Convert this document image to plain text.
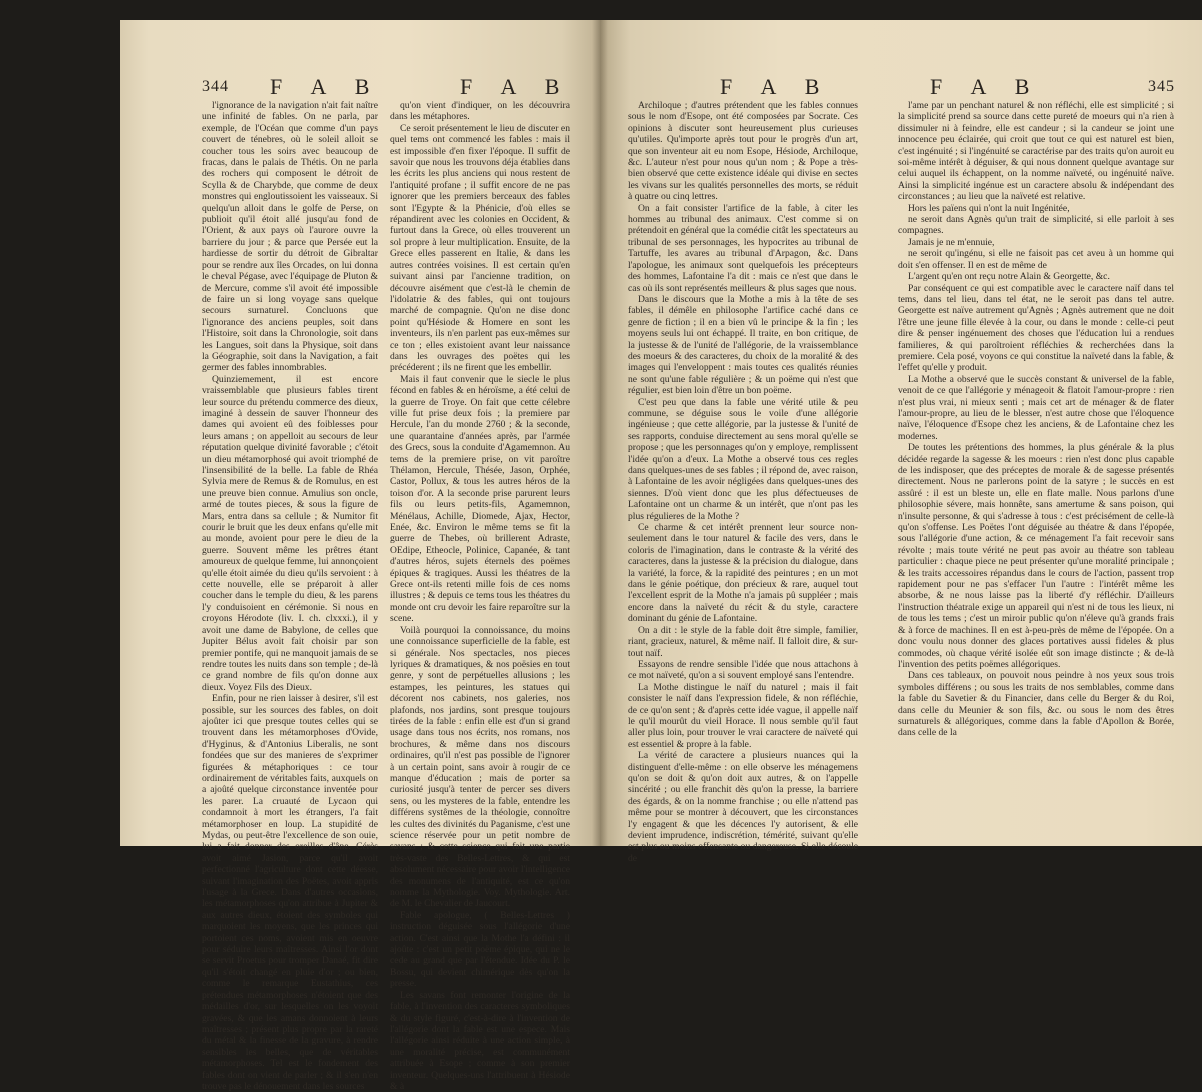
344 F A B	F A B

l'ignorance de la navigation n'ait fait naître une infinité de fables. On ne parla, par exemple, de l'Océan que comme d'un pays couvert de ténebres, où le soleil alloit se coucher tous les soirs avec beaucoup de fracas, dans le palais de Thétis. On ne parla des rochers qui composent le détroit de Scylla & de Charybde, que comme de deux monstres qui engloutissoient les vaisseaux. Si quelqu'un alloit dans le golfe de Perse, on publioit qu'il étoit allé jusqu'au fond de l'Orient, & aux pays où l'aurore ouvre la barriere du jour ; & parce que Persée eut la hardiesse de sortir du détroit de Gibraltar pour se rendre aux îles Orcades, on lui donna le cheval Pégase, avec l'équipage de Pluton & de Mercure, comme s'il avoit été impossible de faire un si long voyage sans quelque secours surnaturel. Concluons que l'ignorance des anciens peuples, soit dans l'Histoire, soit dans la Chronologie, soit dans les Langues, soit dans la Physique, soit dans la Géographie, soit dans la Navigation, a fait germer des fables innombrables.

Quinziemement, il est encore vraissemblable que plusieurs fables tirent leur source du prétendu commerce des dieux, imaginé à dessein de sauver l'honneur des dames qui avoient eû des foiblesses pour leurs amans ; on appelloit au secours de leur réputation quelque divinité favorable ; c'étoit un dieu métamorphosé qui avoit triomphé de l'insensibilité de la belle. La fable de Rhéa Sylvia mere de Remus & de Romulus, en est une preuve bien connue. Amulius son oncle, armé de toutes pieces, & sous la figure de Mars, entra dans sa cellule ; & Numitor fit courir le bruit que les deux enfans qu'elle mit au monde, avoient pour pere le dieu de la guerre. Souvent même les prêtres étant amoureux de quelque femme, lui annonçoient qu'elle étoit aimée du dieu qu'ils servoient : à cette nouvelle, elle se préparoit à aller coucher dans le temple du dieu, & les parens l'y conduisoient en cérémonie. Si nous en croyons Hérodote (liv. I. ch. clxxxi.), il y avoit une dame de Babylone, de celles que Jupiter Bélus avoit fait choisir par son premier pontife, qui ne manquoit jamais de se rendre toutes les nuits dans son temple ; de-là ce grand nombre de fils qu'on donne aux dieux. Voyez Fils des Dieux.

Enfin, pour ne rien laisser à desirer, s'il est possible, sur les sources des fables, on doit ajoûter ici que presque toutes celles qui se trouvent dans les métamorphoses d'Ovide, d'Hyginus, & d'Antonius Liberalis, ne sont fondées que sur des manieres de s'exprimer figurées & métaphoriques : ce tour ordinairement de véritables faits, auxquels on a ajoûté quelque circonstance inventée pour les parer. La cruauté de Lycaon qui condamnoit à mort les étrangers, l'a fait métamorphoser en loup. La stupidité de Mydas, ou peut-être l'excellence de son ouie, lui a fait donner des oreilles d'âne. Cérès avoit aimé Jasion, parce qu'il avoit perfectionné l'agriculture dont cette déesse, suivant l'imagination des Poëtes, avoit appris l'usage à la Grece. Dans d'autres occasions, les métamorphoses qu'on attribue à Jupiter & aux autres dieux, étoient des symboles qui marquoient les moyens, que les princes qui portoient ces noms, avoient mis en oeuvre pour séduire leurs maîtresses. Ainsi l'or dont se servit Proetus pour tromper Danaé, fit dire qu'il s'étoit changé en pluie d'or ; ou bien, comme le remarque Eustathius, ces prétendues métamorphoses n'étoient que des médailles d'or, sur lesquelles on les voyoit gravées, & que les amans donnoient à leurs maîtresses ; présent plus propre par la rareté du métal & la finesse de la gravure, à rendre sensibles les belles, que de véritables métamorphoses. Tel est le fondement des fables dont on vient de parler ; & il s'en n'en trouve pas le dénouement dans les sources

qu'on vient d'indiquer, on les découvrira dans les métaphores.

Ce seroit présentement le lieu de discuter en quel tems ont commencé les fables : mais il est impossible d'en fixer l'époque. Il suffit de savoir que nous les trouvons déja établies dans les écrits les plus anciens qui nous restent de l'antiquité profane ; il suffit encore de ne pas ignorer que les premiers berceaux des fables sont l'Egypte & la Phénicie, d'où elles se répandirent avec les colonies en Occident, & furtout dans la Grece, où elles trouverent un sol propre à leur multiplication. Ensuite, de la Grece elles passerent en Italie, & dans les autres contrées voisines. Il est certain qu'en suivant ainsi par l'ancienne tradition, on découvre aisément que c'est-là le chemin de l'idolatrie & des fables, qui ont toujours marché de compagnie. Qu'on ne dise donc point qu'Hésiode & Homere en sont les inventeurs, ils n'en parlent pas eux-mêmes sur ce ton ; elles existoient avant leur naissance dans les ouvrages des poëtes qui les précéderent ; ils ne firent que les embellir.

Mais il faut convenir que le siecle le plus fécond en fables & en héroïsme, a été celui de la guerre de Troye. On fait que cette célebre ville fut prise deux fois ; la premiere par Hercule, l'an du monde 2760 ; & la seconde, une quarantaine d'années après, par l'armée des Grecs, sous la conduite d'Agamemnon. Au tems de la premiere prise, on vit paroître Thélamon, Hercule, Thésée, Jason, Orphée, Castor, Pollux, & tous les autres héros de la toison d'or. A la seconde prise parurent leurs fils ou leurs petits-fils, Agamemnon, Ménélaus, Achille, Diomede, Ajax, Hector, Enée, &c. Environ le même tems se fit la guerre de Thebes, où brillerent Adraste, OEdipe, Etheocle, Polinice, Capanée, & tant d'autres héros, sujets éternels des poëmes épiques & tragiques. Aussi les théatres de la Grece ont-ils retenti mille fois de ces noms illustres ; & depuis ce tems tous les théatres du monde ont cru devoir les faire reparoître sur la scene.

Voilà pourquoi la connoissance, du moins une connoissance superficielle de la fable, est si générale. Nos spectacles, nos pieces lyriques & dramatiques, & nos poësies en tout genre, y sont de perpétuelles allusions ; les estampes, les peintures, les statues qui décorent nos cabinets, nos galeries, nos plafonds, nos jardins, sont presque toujours tirées de la fable : enfin elle est d'un si grand usage dans tous nos écrits, nos romans, nos brochures, & même dans nos discours ordinaires, qu'il n'est pas possible de l'ignorer à un certain point, sans avoir à rougir de ce manque d'éducation ; mais de porter sa curiosité jusqu'à tenter de percer ses divers sens, ou les mysteres de la fable, entendre les différens systêmes de la théologie, connoître les cultes des divinités du Paganisme, c'est une science réservée pour un petit nombre de savans ; & cette science qui fait une partie très-vaste des Belles-Lettres, & qui est absolument nécessaire pour avoir l'intelligence des monumens de l'antiquité, est ce qu'on nomme la Mythologie. Voy. Mythologie. Art. de M. le Chevalier de Jaucourt.

Fable apologue, ( Belles-Lettres ) instruction déguisée sous l'allégorie d'une action. C'est ainsi que la Mothe l'a défini : il ajoûte : c'est un petit poëme épique, qui ne le cede au grand que par l'étendue. Idée du P. le Bossu, qui devient chimérique dès qu'on la presse.

Les savans font remonter l'origine de la fable, à l'invention des caracteres symboliques & du style figuré, c'est-à-dire à l'invention de l'allégorie dont la fable est une espece. Mais l'allégorie ainsi réduite à une action simple, à une moralité précise, est communément attribuée à Esope ; comme à son premier inventeur. Quelques-uns l'attribuent à Hésiode & à

F A B	F A B	345

Archiloque ; d'autres prétendent que les fables connues sous le nom d'Esope, ont été composées par Socrate. Ces opinions à discuter sont heureusement plus curieuses qu'utiles. Qu'importe après tout pour le progrès d'un art, que son inventeur ait eu nom Esope, Hésiode, Archiloque, &c. L'auteur n'est pour nous qu'un nom ; & Pope a très-bien observé que cette existence idéale qui divise en sectes les vivans sur les qualités personnelles des morts, se réduit à quatre ou cinq lettres.

On a fait consister l'artifice de la fable, à citer les hommes au tribunal des animaux. C'est comme si on prétendoit en général que la comédie citât les spectateurs au tribunal de ses personnages, les hypocrites au tribunal de Tartuffe, les avares au tribunal d'Arpagon, &c. Dans l'apologue, les animaux sont quelquefois les précepteurs des hommes, Lafontaine l'a dit : mais ce n'est que dans le cas où ils sont représentés meilleurs & plus sages que nous.

Dans le discours que la Mothe a mis à la tête de ses fables, il démêle en philosophe l'artifice caché dans ce genre de fiction ; il en a bien vû le principe & la fin ; les moyens seuls lui ont échappé. Il traite, en bon critique, de la justesse & de l'unité de l'allégorie, de la vraissemblance des moeurs & des caracteres, du choix de la moralité & des images qui l'enveloppent : mais toutes ces qualités réunies ne sont qu'une fable régulière ; & un poëme qui n'est que régulier, est bien loin d'être un bon poëme.

C'est peu que dans la fable une vérité utile & peu commune, se déguise sous le voile d'une allégorie ingénieuse ; que cette allégorie, par la justesse & l'unité de ses rapports, conduise directement au sens moral qu'elle se propose ; que les personnages qu'on y employe, remplissent l'idée qu'on a d'eux. La Mothe a observé tous ces regles dans quelques-unes de ses fables ; il répond de, avec raison, à Lafontaine de les avoir négligées dans quelques-unes des siennes. D'où vient donc que les plus défectueuses de Lafontaine ont un charme & un intérêt, que n'ont pas les plus régulieres de la Mothe ?

Ce charme & cet intérêt prennent leur source non-seulement dans le tour naturel & facile des vers, dans le coloris de l'imagination, dans le contraste & la vérité des caracteres, dans la justesse & la précision du dialogue, dans la variété, la force, & la rapidité des peintures ; en un mot dans le génie poétique, don précieux & rare, auquel tout l'excellent esprit de la Mothe n'a jamais pû suppléer ; mais encore dans la naïveté du récit & du style, caractere dominant du génie de Lafontaine.

On a dit : le style de la fable doit être simple, familier, riant, gracieux, naturel, & même naïf. Il falloit dire, & sur-tout naïf.

Essayons de rendre sensible l'idée que nous attachons à ce mot naïveté, qu'on a si souvent employé sans l'entendre.

La Mothe distingue le naïf du naturel ; mais il fait consister le naïf dans l'expression fidele, & non réfléchie, de ce qu'on sent ; & d'après cette idée vague, il appelle naïf le qu'il mourût du vieil Horace. Il nous semble qu'il faut aller plus loin, pour trouver le vrai caractere de naïveté qui est essentiel & propre à la fable.

La vérité de caractere a plusieurs nuances qui la distinguent d'elle-même : on elle observe les ménagemens qu'on se doit & qu'on doit aux autres, & on l'appelle sincérité ; ou elle franchit dès qu'on la presse, la barriere des égards, & on la nomme franchise ; ou elle n'attend pas même pour se montrer à découvert, que les circonstances l'y engagent & que les décences l'y autorisent, & elle devient imprudence, indiscrétion, témérité, suivant qu'elle est plus ou moins offensante ou dangereuse. Si elle découle de

l'ame par un penchant naturel & non réfléchi, elle est simplicité ; si la simplicité prend sa source dans cette pureté de moeurs qui n'a rien à dissimuler ni à feindre, elle est candeur ; si la candeur se joint une innocence peu éclairée, qui croit que tout ce qui est naturel est bien, c'est ingénuité ; si l'ingénuité se caractérise par des traits qu'on auroit eu soi-même intérêt à déguiser, & qui nous donnent quelque avantage sur celui auquel ils échappent, on la nomme naïveté, ou ingénuité naïve. Ainsi la simplicité ingénue est un caractere absolu & indépendant des circonstances ; au lieu que la naïveté est relative.

Hors les païens qui n'ont la nuit Ingénitée,

ne seroit dans Agnès qu'un trait de simplicité, si elle parloit à ses compagnes.

Jamais je ne m'ennuie,

ne seroit qu'ingénu, si elle ne faisoit pas cet aveu à un homme qui doit s'en offenser. Il en est de même de

L'argent qu'en ont reçu notre Alain & Georgette, &c.

Par conséquent ce qui est compatible avec le caractere naïf dans tel tems, dans tel lieu, dans tel état, ne le seroit pas dans tel autre. Georgette est naïve autrement qu'Agnès ; Agnès autrement que ne doit l'être une jeune fille élevée à la cour, ou dans le monde : celle-ci peut dire & penser ingénuement des choses que l'éducation lui a rendues familieres, & qui paroîtroient réfléchies & recherchées dans la premiere. Cela posé, voyons ce qui constitue la naïveté dans la fable, & l'effet qu'elle y produit.

La Mothe a observé que le succès constant & universel de la fable, venoit de ce que l'allégorie y ménageoit & flatoit l'amour-propre : rien n'est plus vrai, ni mieux senti ; mais cet art de ménager & de flater l'amour-propre, au lieu de le blesser, n'est autre chose que l'éloquence naïve, l'éloquence d'Esope chez les anciens, & de Lafontaine chez les modernes.

De toutes les prétentions des hommes, la plus générale & la plus décidée regarde la sagesse & les moeurs : rien n'est donc plus capable de les indisposer, que des préceptes de morale & de sagesse présentés directement. Nous ne parlerons point de la satyre ; le succès en est assûré : il est un bleste un, elle en flate malle. Nous parlons d'une philosophie sévere, mais honnête, sans amertume & sans poison, qui n'insulte personne, & qui s'adresse à tous : c'est précisément de celle-là qu'on s'offense. Les Poëtes l'ont déguisée au théatre & dans l'épopée, sous l'allégorie d'une action, & ce ménagement l'a fait recevoir sans révolte ; mais toute vérité ne peut pas avoir au théatre son tableau particulier : chaque piece ne peut présenter qu'une moralité principale ; & les traits accessoires répandus dans le cours de l'action, passent trop rapidement pour ne pas s'effacer l'un l'autre : l'intérêt même les absorbe, & ne nous laisse pas la liberté d'y réfléchir. D'ailleurs l'instruction théatrale exige un appareil qui n'est ni de tous les lieux, ni de tous les tems ; c'est un miroir public qu'on n'éleve qu'à grands frais & à force de machines. Il en est à-peu-près de même de l'épopée. On a donc voulu nous donner des glaces portatives aussi fideles & plus commodes, où chaque vérité isolée eût son image distincte ; & de-là l'invention des petits poëmes allégoriques.

Dans ces tableaux, on pouvoit nous peindre à nos yeux sous trois symboles différens ; ou sous les traits de nos semblables, comme dans la fable du Savetier & du Financier, dans celle du Berger & du Roi, dans celle du Meunier & son fils, &c. ou sous le nom des êtres surnaturels & allégoriques, comme dans la fable d'Apollon & Borée, dans celle de la
